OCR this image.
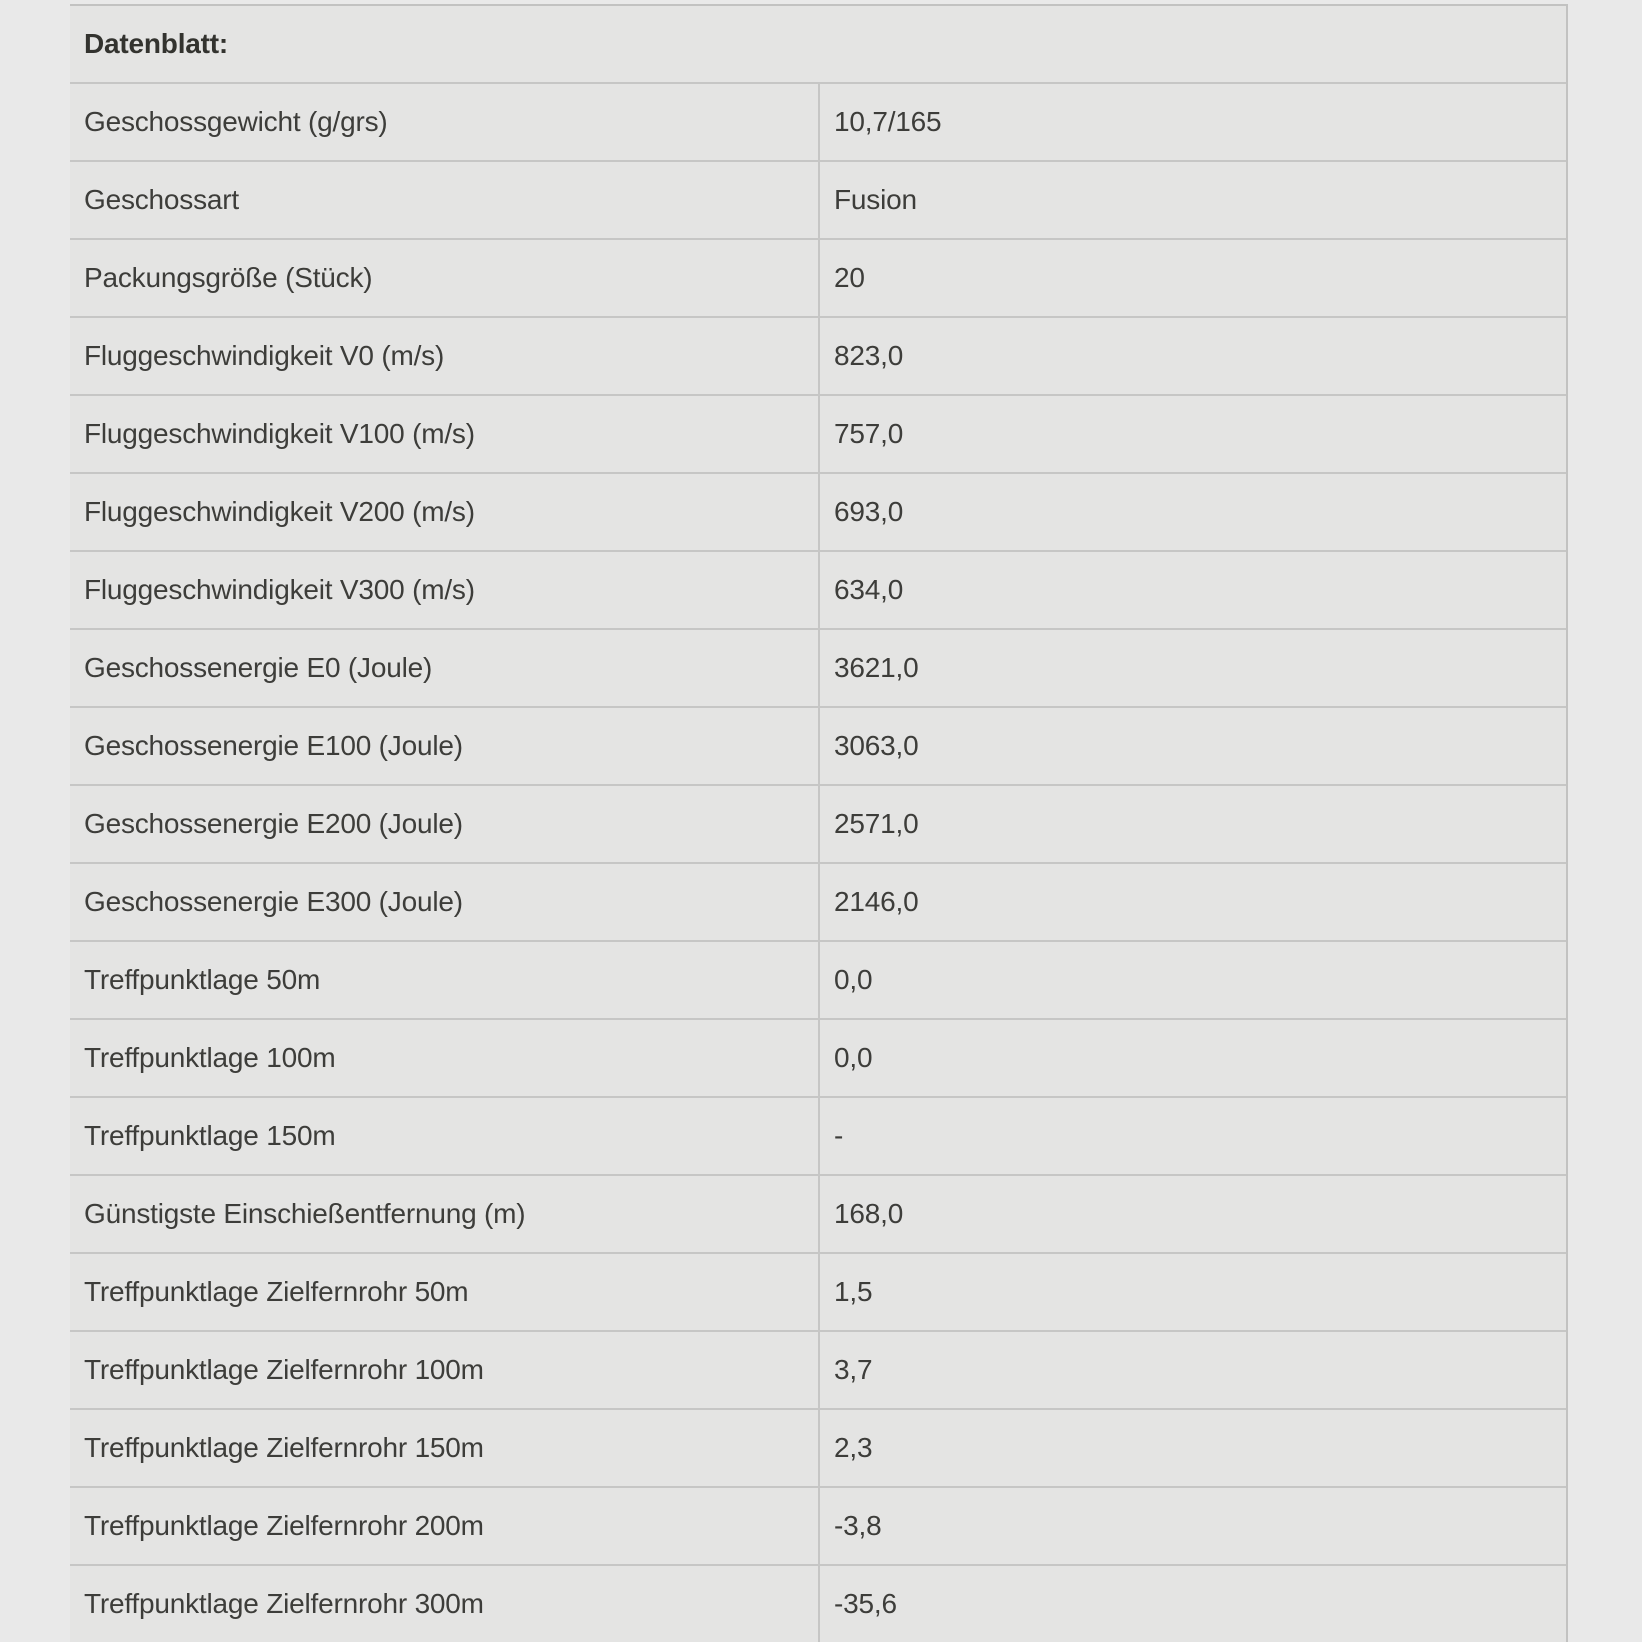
Datenblatt:
Geschossgewicht (g/grs)	10,7/165
Geschossart	Fusion
Packungsgröße (Stück)	20
Fluggeschwindigkeit V0 (m/s)	823,0
Fluggeschwindigkeit V100 (m/s)	757,0
Fluggeschwindigkeit V200 (m/s)	693,0
Fluggeschwindigkeit V300 (m/s)	634,0
Geschossenergie E0 (Joule)	3621,0
Geschossenergie E100 (Joule)	3063,0
Geschossenergie E200 (Joule)	2571,0
Geschossenergie E300 (Joule)	2146,0
Treffpunktlage 50m	0,0
Treffpunktlage 100m	0,0
Treffpunktlage 150m	-
Günstigste Einschießentfernung (m)	168,0
Treffpunktlage Zielfernrohr 50m	1,5
Treffpunktlage Zielfernrohr 100m	3,7
Treffpunktlage Zielfernrohr 150m	2,3
Treffpunktlage Zielfernrohr 200m	-3,8
Treffpunktlage Zielfernrohr 300m	-35,6
